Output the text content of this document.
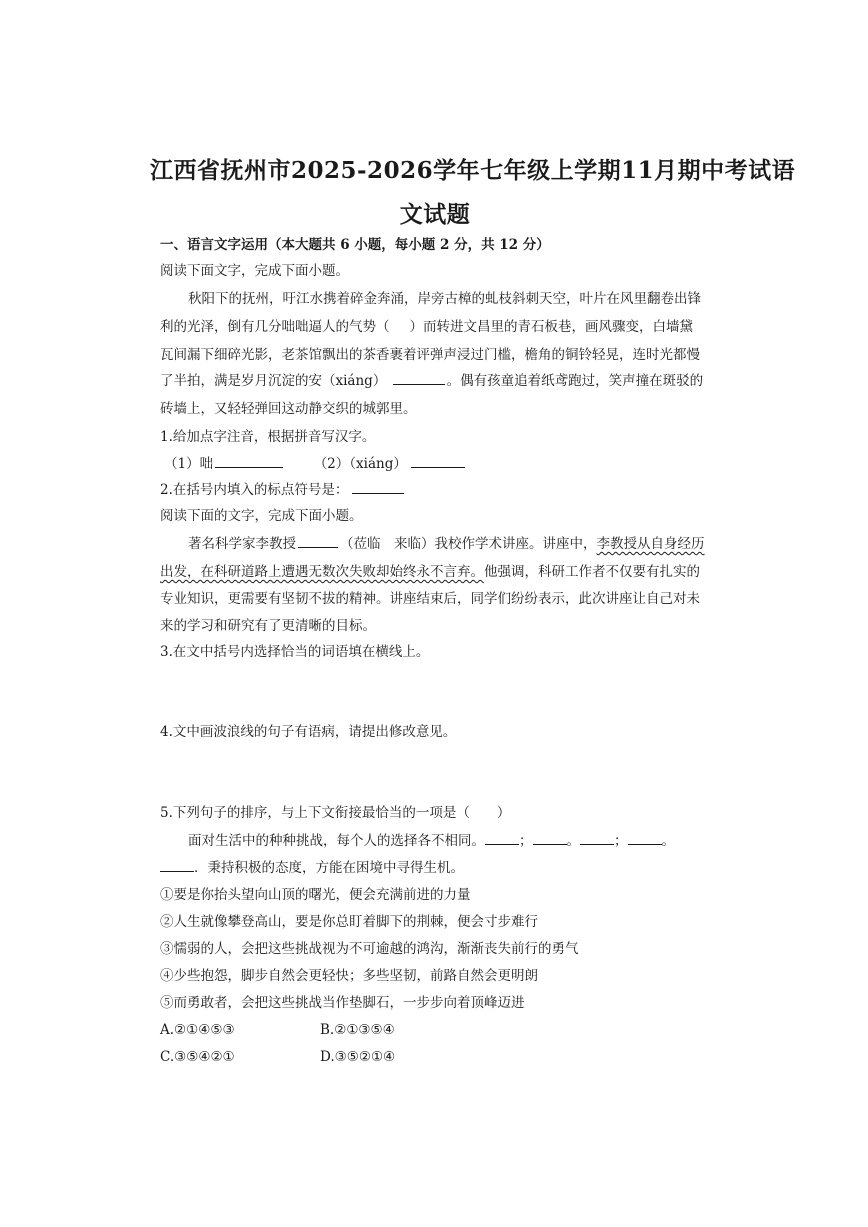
江西省抚州市2025-2026学年七年级上学期11月期中考试语
文试题
一、语言文字运用（本大题共 6 小题，每小题 2 分，共 12 分）
阅读下面文字，完成下面小题。
秋阳下的抚州，吁江水携着碎金奔涌，岸旁古樟的虬枝斜刺天空，叶片在风里翻卷出锋
利的光泽，倒有几分咄咄逼人的气势（ ）而转进文昌里的青石板巷，画风骤变，白墙黛
瓦间漏下细碎光影，老茶馆飘出的茶香裹着评弹声浸过门槛，檐角的铜铃轻晃，连时光都慢
了半拍，满是岁月沉淀的安（xiáng）	。偶有孩童追着纸鸢跑过，笑声撞在斑驳的
砖墙上，又轻轻弹回这动静交织的城郭里。
1.给加点字注音，根据拼音写汉字。
（1）咄	（2）（xiáng）
2.在括号内填入的标点符号是：
阅读下面的文字，完成下面小题。
著名科学家李教授	（莅临　来临）我校作学术讲座。讲座中，李教授从自身经历
出发，在科研道路上遭遇无数次失败却始终永不言弃。他强调，科研工作者不仅要有扎实的
专业知识，更需要有坚韧不拔的精神。讲座结束后，同学们纷纷表示，此次讲座让自己对未
来的学习和研究有了更清晰的目标。
3.在文中括号内选择恰当的词语填在横线上。
4.文中画波浪线的句子有语病，请提出修改意见。
5.下列句子的排序，与上下文衔接最恰当的一项是（　　）
面对生活中的种种挑战，每个人的选择各不相同。	；	。	；	。
．秉持积极的态度，方能在困境中寻得生机。
①要是你抬头望向山顶的曙光，便会充满前进的力量
②人生就像攀登高山，要是你总盯着脚下的荆棘，便会寸步难行
③懦弱的人，会把这些挑战视为不可逾越的鸿沟，渐渐丧失前行的勇气
④少些抱怨，脚步自然会更轻快；多些坚韧，前路自然会更明朗
⑤而勇敢者，会把这些挑战当作垫脚石，一步步向着顶峰迈进
A.②①④⑤③	B.②①③⑤④
C.③⑤④②①	D.③⑤②①④
